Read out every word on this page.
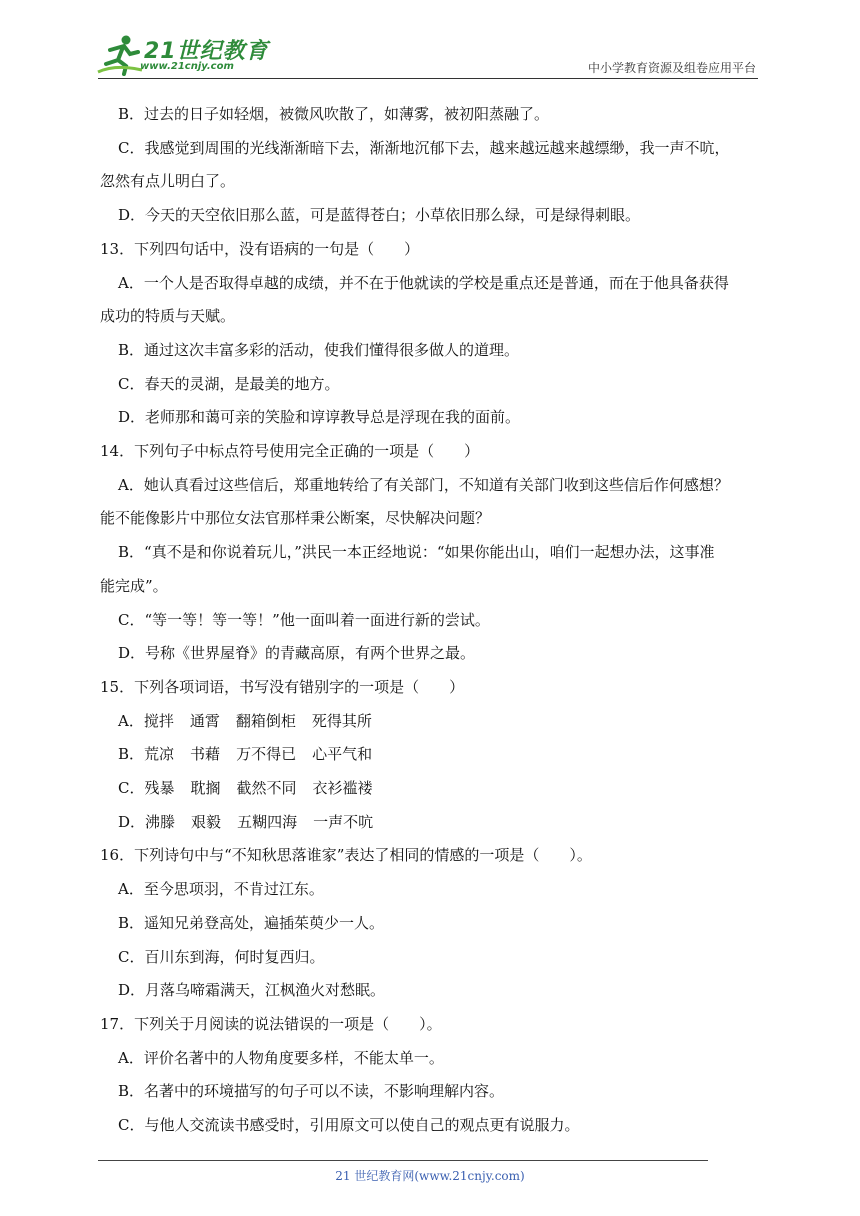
21世纪教育
www.21cnjy.com	中小学教育资源及组卷应用平台

B．过去的日子如轻烟，被微风吹散了，如薄雾，被初阳蒸融了。

C．我感觉到周围的光线渐渐暗下去，渐渐地沉郁下去，越来越远越来越缥缈，我一声不吭，

忽然有点儿明白了。

D．今天的天空依旧那么蓝，可是蓝得苍白；小草依旧那么绿，可是绿得刺眼。

13．下列四句话中，没有语病的一句是（　　）

A．一个人是否取得卓越的成绩，并不在于他就读的学校是重点还是普通，而在于他具备获得

成功的特质与天赋。

B．通过这次丰富多彩的活动，使我们懂得很多做人的道理。

C．春天的灵湖，是最美的地方。

D．老师那和蔼可亲的笑脸和谆谆教导总是浮现在我的面前。

14．下列句子中标点符号使用完全正确的一项是（　　）

A．她认真看过这些信后，郑重地转给了有关部门，不知道有关部门收到这些信后作何感想？

能不能像影片中那位女法官那样秉公断案，尽快解决问题？

B．“真不是和你说着玩儿，”洪民一本正经地说：“如果你能出山，咱们一起想办法，这事准

能完成”。

C．“等一等！等一等！”他一面叫着一面进行新的尝试。

D．号称《世界屋脊》的青藏高原，有两个世界之最。

15．下列各项词语，书写没有错别字的一项是（　　）

A．搅拌 通霄 翻箱倒柜 死得其所

B．荒凉 书藉 万不得已 心平气和

C．残暴 耽搁 截然不同 衣衫褴褛

D．沸滕 艰毅 五糊四海 一声不吭

16．下列诗句中与“不知秋思落谁家”表达了相同的情感的一项是（　　）。

A．至今思项羽，不肯过江东。

B．遥知兄弟登高处，遍插茱萸少一人。

C．百川东到海，何时复西归。

D．月落乌啼霜满天，江枫渔火对愁眠。

17．下列关于月阅读的说法错误的一项是（　　）。

A．评价名著中的人物角度要多样，不能太单一。

B．名著中的环境描写的句子可以不读，不影响理解内容。

C．与他人交流读书感受时，引用原文可以使自己的观点更有说服力。

21 世纪教育网(www.21cnjy.com)
